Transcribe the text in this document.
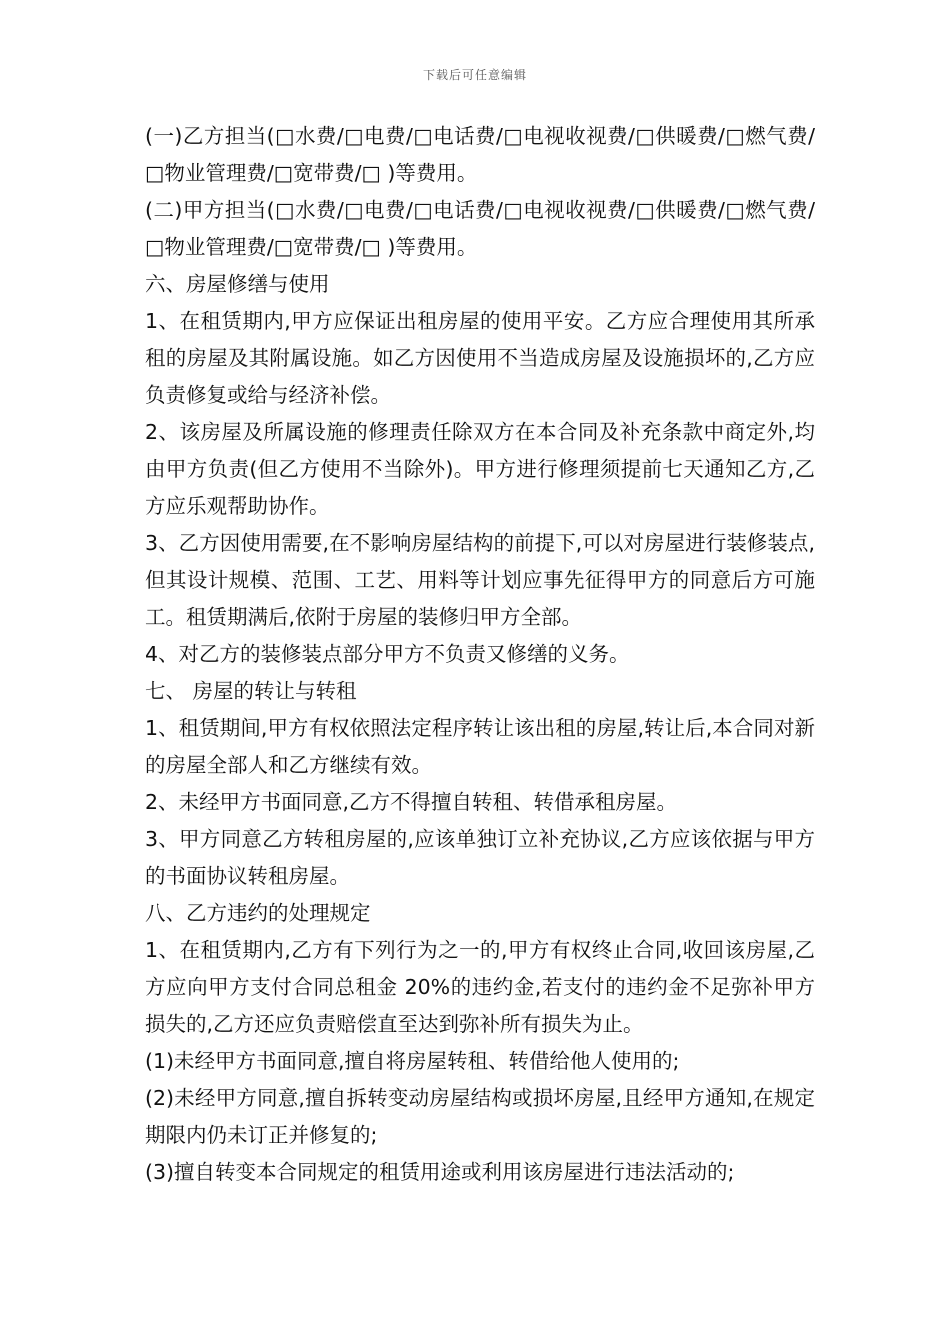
下载后可任意编辑

(一)乙方担当(□水费/□电费/□电话费/□电视收视费/□供暖费/□燃气费/□物业管理费/□宽带费/□ )等费用。

(二)甲方担当(□水费/□电费/□电话费/□电视收视费/□供暖费/□燃气费/□物业管理费/□宽带费/□ )等费用。

六、房屋修缮与使用

1、在租赁期内,甲方应保证出租房屋的使用平安。乙方应合理使用其所承租的房屋及其附属设施。如乙方因使用不当造成房屋及设施损坏的,乙方应负责修复或给与经济补偿。

2、该房屋及所属设施的修理责任除双方在本合同及补充条款中商定外,均由甲方负责(但乙方使用不当除外)。甲方进行修理须提前七天通知乙方,乙方应乐观帮助协作。

3、乙方因使用需要,在不影响房屋结构的前提下,可以对房屋进行装修装点,但其设计规模、范围、工艺、用料等计划应事先征得甲方的同意后方可施工。租赁期满后,依附于房屋的装修归甲方全部。

4、对乙方的装修装点部分甲方不负责又修缮的义务。

七、 房屋的转让与转租

1、租赁期间,甲方有权依照法定程序转让该出租的房屋,转让后,本合同对新的房屋全部人和乙方继续有效。

2、未经甲方书面同意,乙方不得擅自转租、转借承租房屋。

3、甲方同意乙方转租房屋的,应该单独订立补充协议,乙方应该依据与甲方的书面协议转租房屋。

八、乙方违约的处理规定

1、在租赁期内,乙方有下列行为之一的,甲方有权终止合同,收回该房屋,乙方应向甲方支付合同总租金 20%的违约金,若支付的违约金不足弥补甲方损失的,乙方还应负责赔偿直至达到弥补所有损失为止。

(1)未经甲方书面同意,擅自将房屋转租、转借给他人使用的;

(2)未经甲方同意,擅自拆转变动房屋结构或损坏房屋,且经甲方通知,在规定期限内仍未订正并修复的;

(3)擅自转变本合同规定的租赁用途或利用该房屋进行违法活动的;
